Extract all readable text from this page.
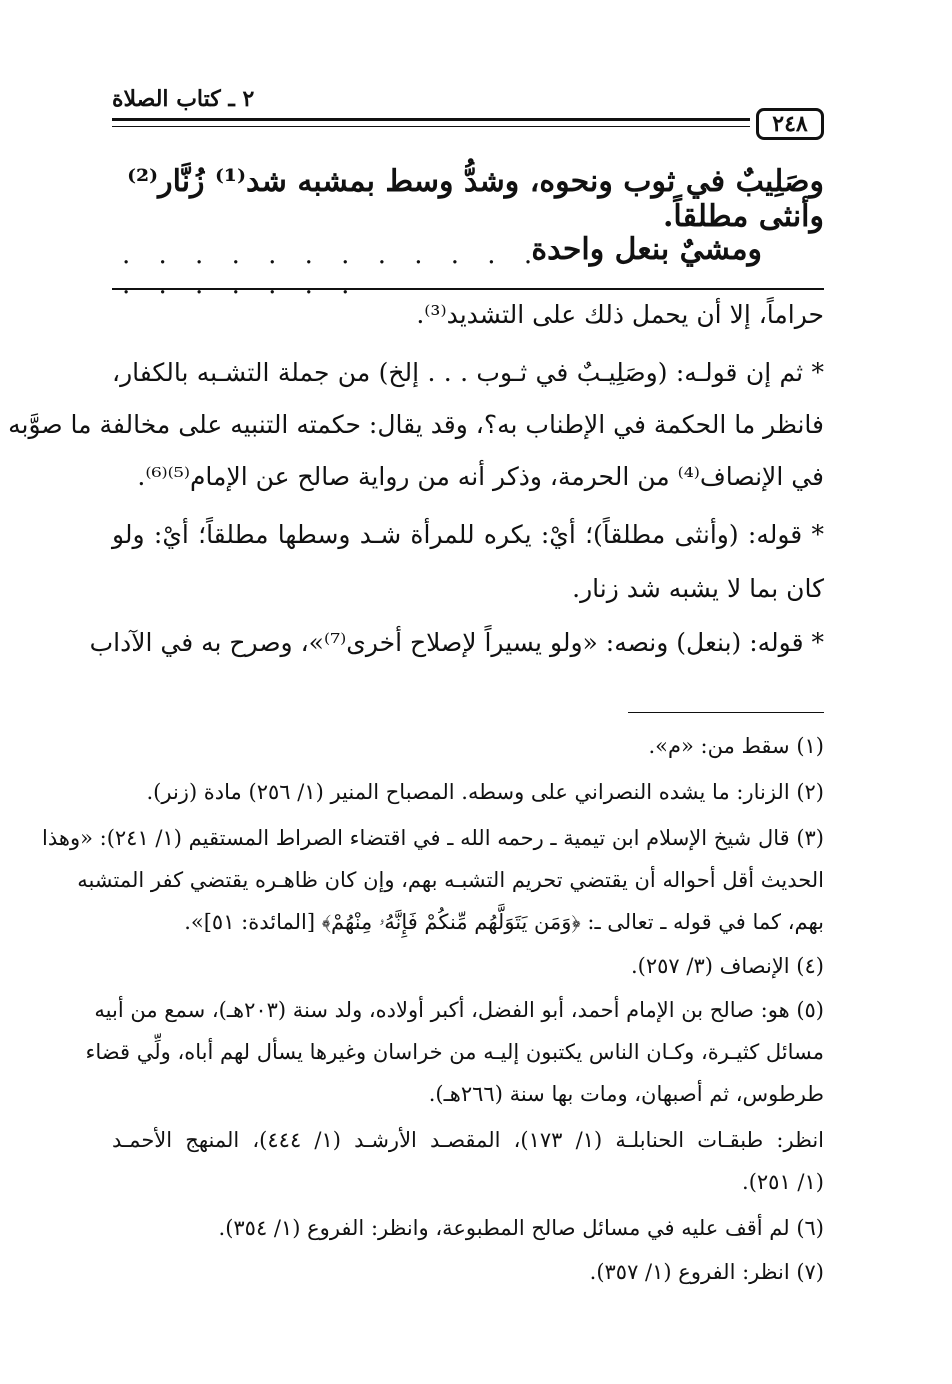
٢٤٨
٢ ـ كتاب الصلاة
وصَلِيبٌ في ثوب ونحوه، وشدُّ وسط بمشبه شد⁽¹⁾ زُنَّار⁽²⁾ وأنثى مطلقاً.
ومشيٌ بنعل واحدة
. . . . . . . . . . . . . . . . . . .
حراماً، إلا أن يحمل ذلك على التشديد⁽³⁾.
* ثم إن قولـه: (وصَلِيـبٌ في ثـوب . . . إلخ) من جملة التشـبه بالكفار،
فانظر ما الحكمة في الإطناب به؟، وقد يقال: حكمته التنبيه على مخالفة ما صوَّبه
في الإنصاف⁽⁴⁾ من الحرمة، وذكر أنه من رواية صالح عن الإمام⁽⁵⁾⁽⁶⁾.
* قوله: (وأنثى مطلقاً)؛ أيْ: يكره للمرأة شـد وسطها مطلقاً؛ أيْ: ولو
كان بما لا يشبه شد زنار.
* قوله: (بنعل) ونصه: «ولو يسيراً لإصلاح أخرى⁽⁷⁾»، وصرح به في الآداب
(١) سقط من: «م».
(٢) الزنار: ما يشده النصراني على وسطه. المصباح المنير (١/ ٢٥٦) مادة (زنر).
(٣) قال شيخ الإسلام ابن تيمية ـ رحمه الله ـ في اقتضاء الصراط المستقيم (١/ ٢٤١): «وهذا
الحديث أقل أحواله أن يقتضي تحريم التشبـه بهم، وإن كان ظاهـره يقتضي كفر المتشبه
بهم، كما في قوله ـ تعالى ـ: ﴿وَمَن يَتَوَلَّهُم مِّنكُمْ فَإِنَّهُۥ مِنْهُمْ﴾ [المائدة: ٥١]».
(٤) الإنصاف (٣/ ٢٥٧).
(٥) هو: صالح بن الإمام أحمد، أبو الفضل، أكبر أولاده، ولد سنة (٢٠٣هـ)، سمع من أبيه
مسائل كثيـرة، وكـان الناس يكتبون إليـه من خراسان وغيرها يسأل لهم أباه، ولِّي قضاء
طرطوس، ثم أصبهان، ومات بها سنة (٢٦٦هـ).
انظر: طبقـات الحنابلـة (١/ ١٧٣)، المقصـد الأرشـد (١/ ٤٤٤)، المنهج الأحمـد
(١/ ٢٥١).
(٦) لم أقف عليه في مسائل صالح المطبوعة، وانظر: الفروع (١/ ٣٥٤).
(٧) انظر: الفروع (١/ ٣٥٧).
